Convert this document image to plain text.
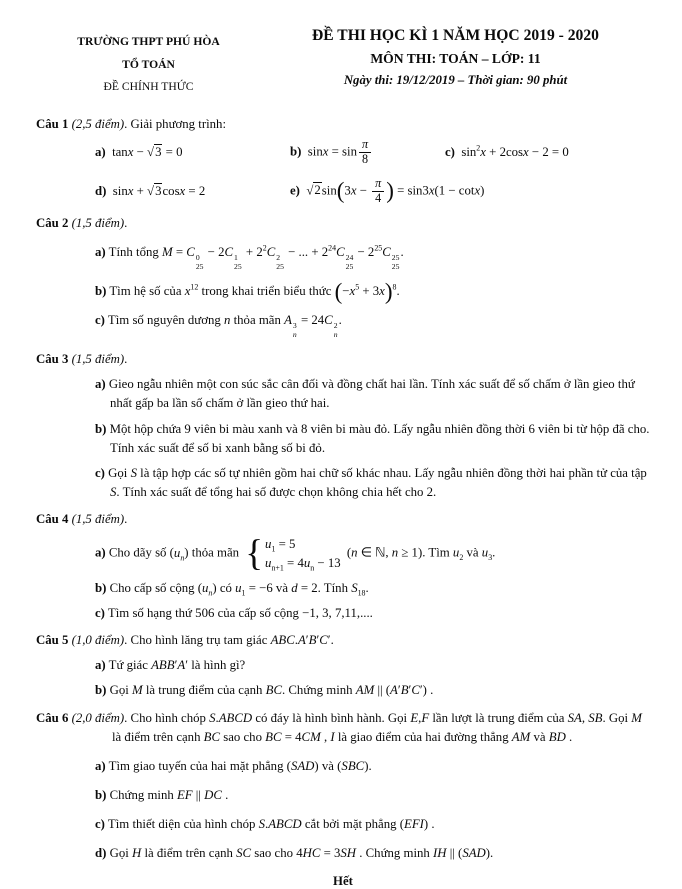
TRƯỜNG THPT PHÚ HÒA
TỔ TOÁN
ĐỀ CHÍNH THỨC
ĐỀ THI HỌC KÌ 1 NĂM HỌC 2019 - 2020
MÔN THI: TOÁN – LỚP: 11
Ngày thi: 19/12/2019 – Thời gian: 90 phút
Câu 1 (2,5 điểm). Giải phương trình:
a)  tanx − √3 = 0	b)  $\sin x = \sin \frac{\pi}{8}$	c)  $\sin^2x + 2\cos x - 2 = 0$
d)  sinx + √3cosx = 2	e) $√2\sin(3x - \frac{\pi}{4}$ ) = sin3x(1 − cotx)
Câu 2 (1,5 điểm).
a) Tính tổng M = C 0
25
− 2C 1
25
+ $2^2C$ 2
25
− ... + $2^{24}C$ 24
25
− $2^{25}C$ 25
25
.
b) Tìm hệ số của $x^{12}$ trong khai triển biểu thức $(-x^5 + 3x)^8$.
c) Tìm số nguyên dương n thỏa mãn A 3
n
= 24C 2
n
.
Câu 3 (1,5 điểm).
a) Gieo ngẫu nhiên một con súc sắc cân đối và đồng chất hai lần. Tính xác suất để số chấm ở lần gieo thứ nhất gấp ba lần số chấm ở lần gieo thứ hai.
b) Một hộp chứa 9 viên bi màu xanh và 8 viên bi màu đỏ. Lấy ngẫu nhiên đồng thời 6 viên bi từ hộp đã cho. Tính xác suất để số bi xanh bằng số bi đỏ.
c) Gọi S là tập hợp các số tự nhiên gồm hai chữ số khác nhau. Lấy ngẫu nhiên đồng thời hai phần tử của tập S. Tính xác suất để tổng hai số được chọn không chia hết cho 2.
Câu 4 (1,5 điểm).
a) Cho dãy số $(u_n)$ thỏa mãn { $u_1 = 5$
$u_{n+1} = 4u_n - 13$
(n ∈ ℕ, n ≥ 1). Tìm $u_2$ và $u_3$.
b) Cho cấp số cộng $(u_n)$ có $u_1 = -6$ và d = 2. Tính $S_{18}$.
c) Tìm số hạng thứ 506 của cấp số cộng −1, 3, 7,11,....
Câu 5 (1,0 điểm). Cho hình lăng trụ tam giác ABC.A′B′C′.
a) Tứ giác ABB′A′ là hình gì?
b) Gọi M là trung điểm của cạnh BC. Chứng minh AM || (A′B′C′) .
Câu 6 (2,0 điểm). Cho hình chóp S.ABCD có đáy là hình bình hành. Gọi E,F lần lượt là trung điểm của SA, SB. Gọi M là điểm trên cạnh BC sao cho BC = 4CM , I là giao điểm của hai đường thẳng AM và BD .
a) Tìm giao tuyến của hai mặt phẳng (SAD) và (SBC).
b) Chứng minh EF || DC .
c) Tìm thiết diện của hình chóp S.ABCD cắt bởi mặt phẳng (EFI) .
d) Gọi H là điểm trên cạnh SC sao cho 4HC = 3SH . Chứng minh IH || (SAD).
Hết
